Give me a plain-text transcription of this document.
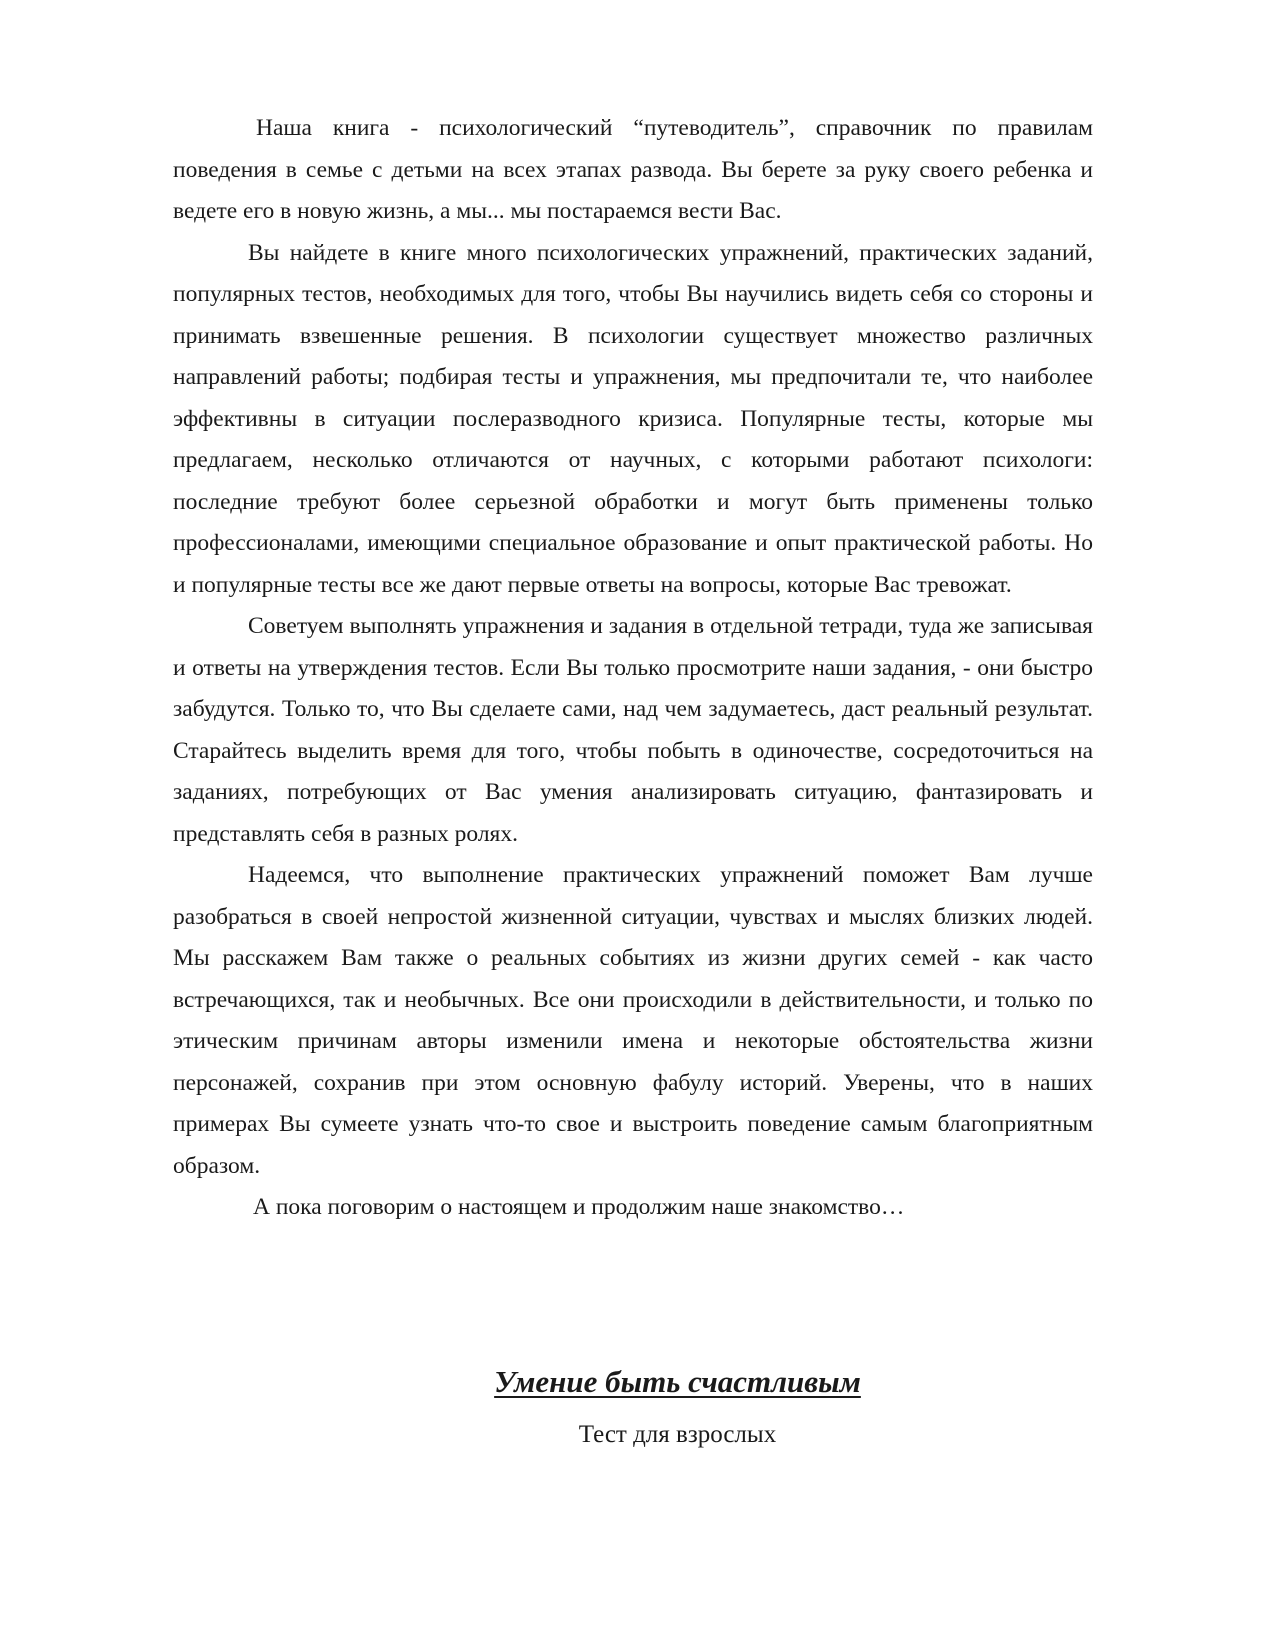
Наша книга - психологический “путеводитель”, справочник по правилам поведения в семье с детьми на всех этапах развода. Вы берете за руку своего ребенка и ведете его в новую жизнь, а мы... мы постараемся вести Вас.

Вы найдете в книге много психологических упражнений, практических заданий, популярных тестов, необходимых для того, чтобы Вы научились видеть себя со стороны и принимать взвешенные решения. В психологии существует множество различных направлений работы; подбирая тесты и упражнения, мы предпочитали те, что наиболее эффективны в ситуации послеразводного кризиса. Популярные тесты, которые мы предлагаем, несколько отличаются от научных, с которыми работают психологи: последние требуют более серьезной обработки и могут быть применены только профессионалами, имеющими специальное образование и опыт практической работы. Но и популярные тесты все же дают первые ответы на вопросы, которые Вас тревожат.

Советуем выполнять упражнения и задания в отдельной тетради, туда же записывая и ответы на утверждения тестов. Если Вы только просмотрите наши задания, - они быстро забудутся. Только то, что Вы сделаете сами, над чем задумаетесь, даст реальный результат. Старайтесь выделить время для того, чтобы побыть в одиночестве, сосредоточиться на заданиях, потребующих от Вас умения анализировать ситуацию, фантазировать и представлять себя в разных ролях.

Надеемся, что выполнение практических упражнений поможет Вам лучше разобраться в своей непростой жизненной ситуации, чувствах и мыслях близких людей. Мы расскажем Вам также о реальных событиях из жизни других семей - как часто встречающихся, так и необычных. Все они происходили в действительности, и только по этическим причинам авторы изменили имена и некоторые обстоятельства жизни персонажей, сохранив при этом основную фабулу историй. Уверены, что в наших примерах Вы сумеете узнать что-то свое и выстроить поведение самым благоприятным образом.

А пока поговорим о настоящем и продолжим наше знакомство…

Умение быть счастливым
Тест для взрослых
